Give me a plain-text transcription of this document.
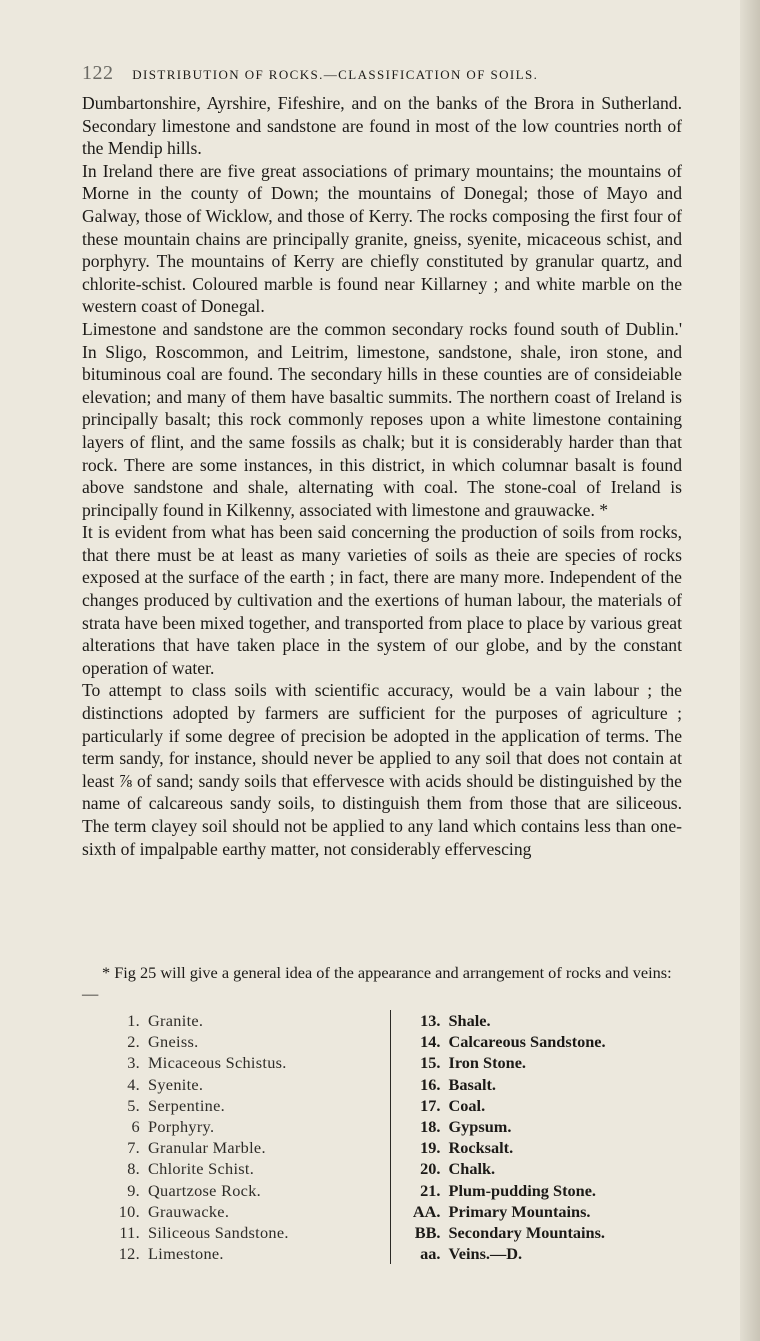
122 DISTRIBUTION OF ROCKS.—CLASSIFICATION OF SOILS.

Dumbartonshire, Ayrshire, Fifeshire, and on the banks of the Brora in Sutherland. Secondary limestone and sandstone are found in most of the low countries north of the Mendip hills.

In Ireland there are five great associations of primary mountains; the mountains of Morne in the county of Down; the mountains of Donegal; those of Mayo and Galway, those of Wicklow, and those of Kerry. The rocks composing the first four of these mountain chains are principally granite, gneiss, syenite, micaceous schist, and porphyry. The mountains of Kerry are chiefly constituted by granular quartz, and chlorite-schist. Coloured marble is found near Killarney ; and white marble on the western coast of Donegal.

Limestone and sandstone are the common secondary rocks found south of Dublin.' In Sligo, Roscommon, and Leitrim, limestone, sandstone, shale, iron stone, and bituminous coal are found. The secondary hills in these counties are of consideiable elevation; and many of them have basaltic summits. The northern coast of Ireland is principally basalt; this rock commonly reposes upon a white limestone containing layers of flint, and the same fossils as chalk; but it is considerably harder than that rock. There are some instances, in this district, in which columnar basalt is found above sandstone and shale, alternating with coal. The stone-coal of Ireland is principally found in Kilkenny, associated with limestone and grauwacke. *

It is evident from what has been said concerning the production of soils from rocks, that there must be at least as many varieties of soils as theie are species of rocks exposed at the surface of the earth ; in fact, there are many more. Independent of the changes produced by cultivation and the exertions of human labour, the materials of strata have been mixed together, and transported from place to place by various great alterations that have taken place in the system of our globe, and by the constant operation of water.

To attempt to class soils with scientific accuracy, would be a vain labour ; the distinctions adopted by farmers are sufficient for the purposes of agriculture ; particularly if some degree of precision be adopted in the application of terms. The term sandy, for instance, should never be applied to any soil that does not contain at least ⅞ of sand; sandy soils that effervesce with acids should be distinguished by the name of calcareous sandy soils, to distinguish them from those that are siliceous. The term clayey soil should not be applied to any land which contains less than one-sixth of impalpable earthy matter, not considerably effervescing

* Fig 25 will give a general idea of the appearance and arrangement of rocks and veins:—

1. Granite.
2. Gneiss.
3. Micaceous Schistus.
4. Syenite.
5. Serpentine.
6 Porphyry.
7. Granular Marble.
8. Chlorite Schist.
9. Quartzose Rock.
10. Grauwacke.
11. Siliceous Sandstone.
12. Limestone.
13. Shale.
14. Calcareous Sandstone.
15. Iron Stone.
16. Basalt.
17. Coal.
18. Gypsum.
19. Rocksalt.
20. Chalk.
21. Plum-pudding Stone.
AA. Primary Mountains.
BB. Secondary Mountains.
aa. Veins.—D.
